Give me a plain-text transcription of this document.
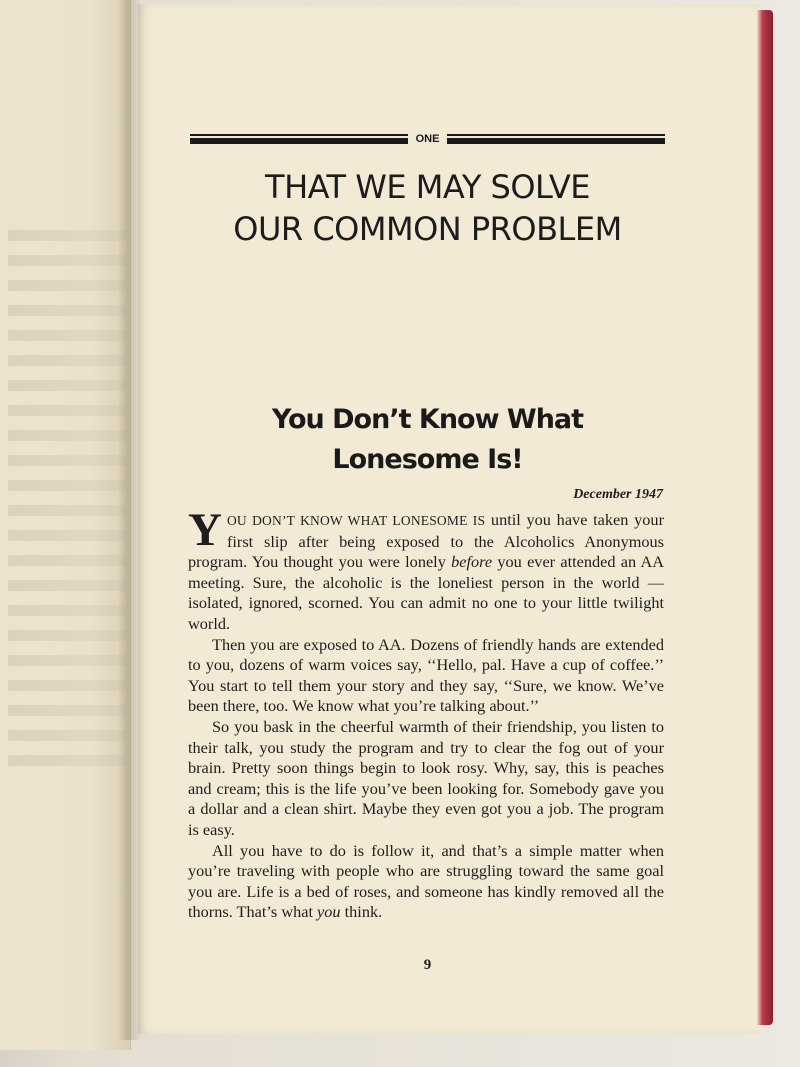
ONE
THAT WE MAY SOLVE
OUR COMMON PROBLEM
You Don’t Know What
Lonesome Is!
December 1947

YOU DON’T KNOW WHAT LONESOME IS until you have taken your first slip after being exposed to the Alcoholics Anonymous program. You thought you were lonely before you ever attended an AA meeting. Sure, the alcoholic is the loneliest person in the world — isolated, ignored, scorned. You can admit no one to your little twilight world.

Then you are exposed to AA. Dozens of friendly hands are extended to you, dozens of warm voices say, ‘‘Hello, pal. Have a cup of coffee.’’ You start to tell them your story and they say, ‘‘Sure, we know. We’ve been there, too. We know what you’re talking about.’’

So you bask in the cheerful warmth of their friendship, you listen to their talk, you study the program and try to clear the fog out of your brain. Pretty soon things begin to look rosy. Why, say, this is peaches and cream; this is the life you’ve been looking for. Somebody gave you a dollar and a clean shirt. Maybe they even got you a job. The program is easy.

All you have to do is follow it, and that’s a simple matter when you’re traveling with people who are struggling toward the same goal you are. Life is a bed of roses, and someone has kindly removed all the thorns. That’s what you think.

9
